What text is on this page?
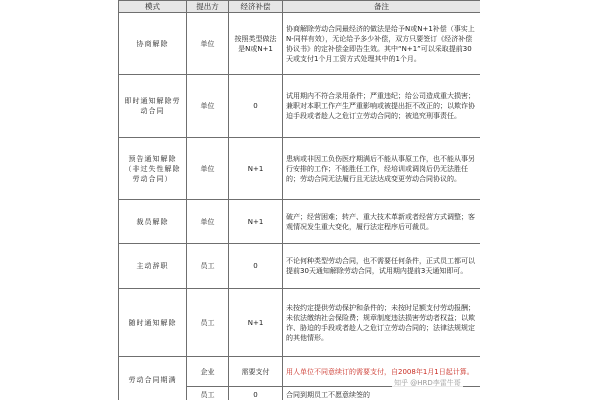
模式	提出方	经济补偿	备注
协商解除	单位	按照类型做法是N或N+1	协商解除劳动合同最经济的做法是给予N或N+1补偿（事实上N-同样有效），无论给予多少补偿，双方只要签订《经济补偿协议书》的定补偿金即告生效。其中“N+1”可以采取提前30天或支付1个月工资方式处理其中的1个月。
即时通知解除劳动合同	单位	0	试用期内不符合录用条件；严重违纪；给公司造成重大损害；兼职对本职工作产生严重影响或被提出拒不改正的；以欺诈协迫手段或者趁人之危订立劳动合同的；被追究刑事责任。
预告通知解除（非过失性解除劳动合同）	单位	N+1	患病或非因工负伤医疗期满后不能从事原工作，也不能从事另行安排的工作；不能胜任工作，经培训或调岗后仍无法胜任的；劳动合同无法履行且无法达成变更劳动合同协议的。
裁员解除	单位	N+1	破产；经营困难；转产、重大技术革新或者经营方式调整；客观情况发生重大变化，履行法定程序后可裁员。
主动辞职	员工	0	不论何种类型劳动合同，也不需要任何条件，正式员工都可以提前30天通知解除劳动合同，试用期内提前3天通知即可。
随时通知解除	员工	N+1	未按约定提供劳动保护和条件的；未按时足额支付劳动报酬；未依法缴纳社会保险费；规章制度违法损害劳动者权益；以欺诈、胁迫的手段或者趁人之危订立劳动合同的；法律法规规定的其他情形。
劳动合同期满	企业	需要支付	用人单位不同意续订的需要支付，自2008年1月1日起计算。
	员工	0	合同到期员工不愿意续签的
知乎 @HRD李雷牛哥
